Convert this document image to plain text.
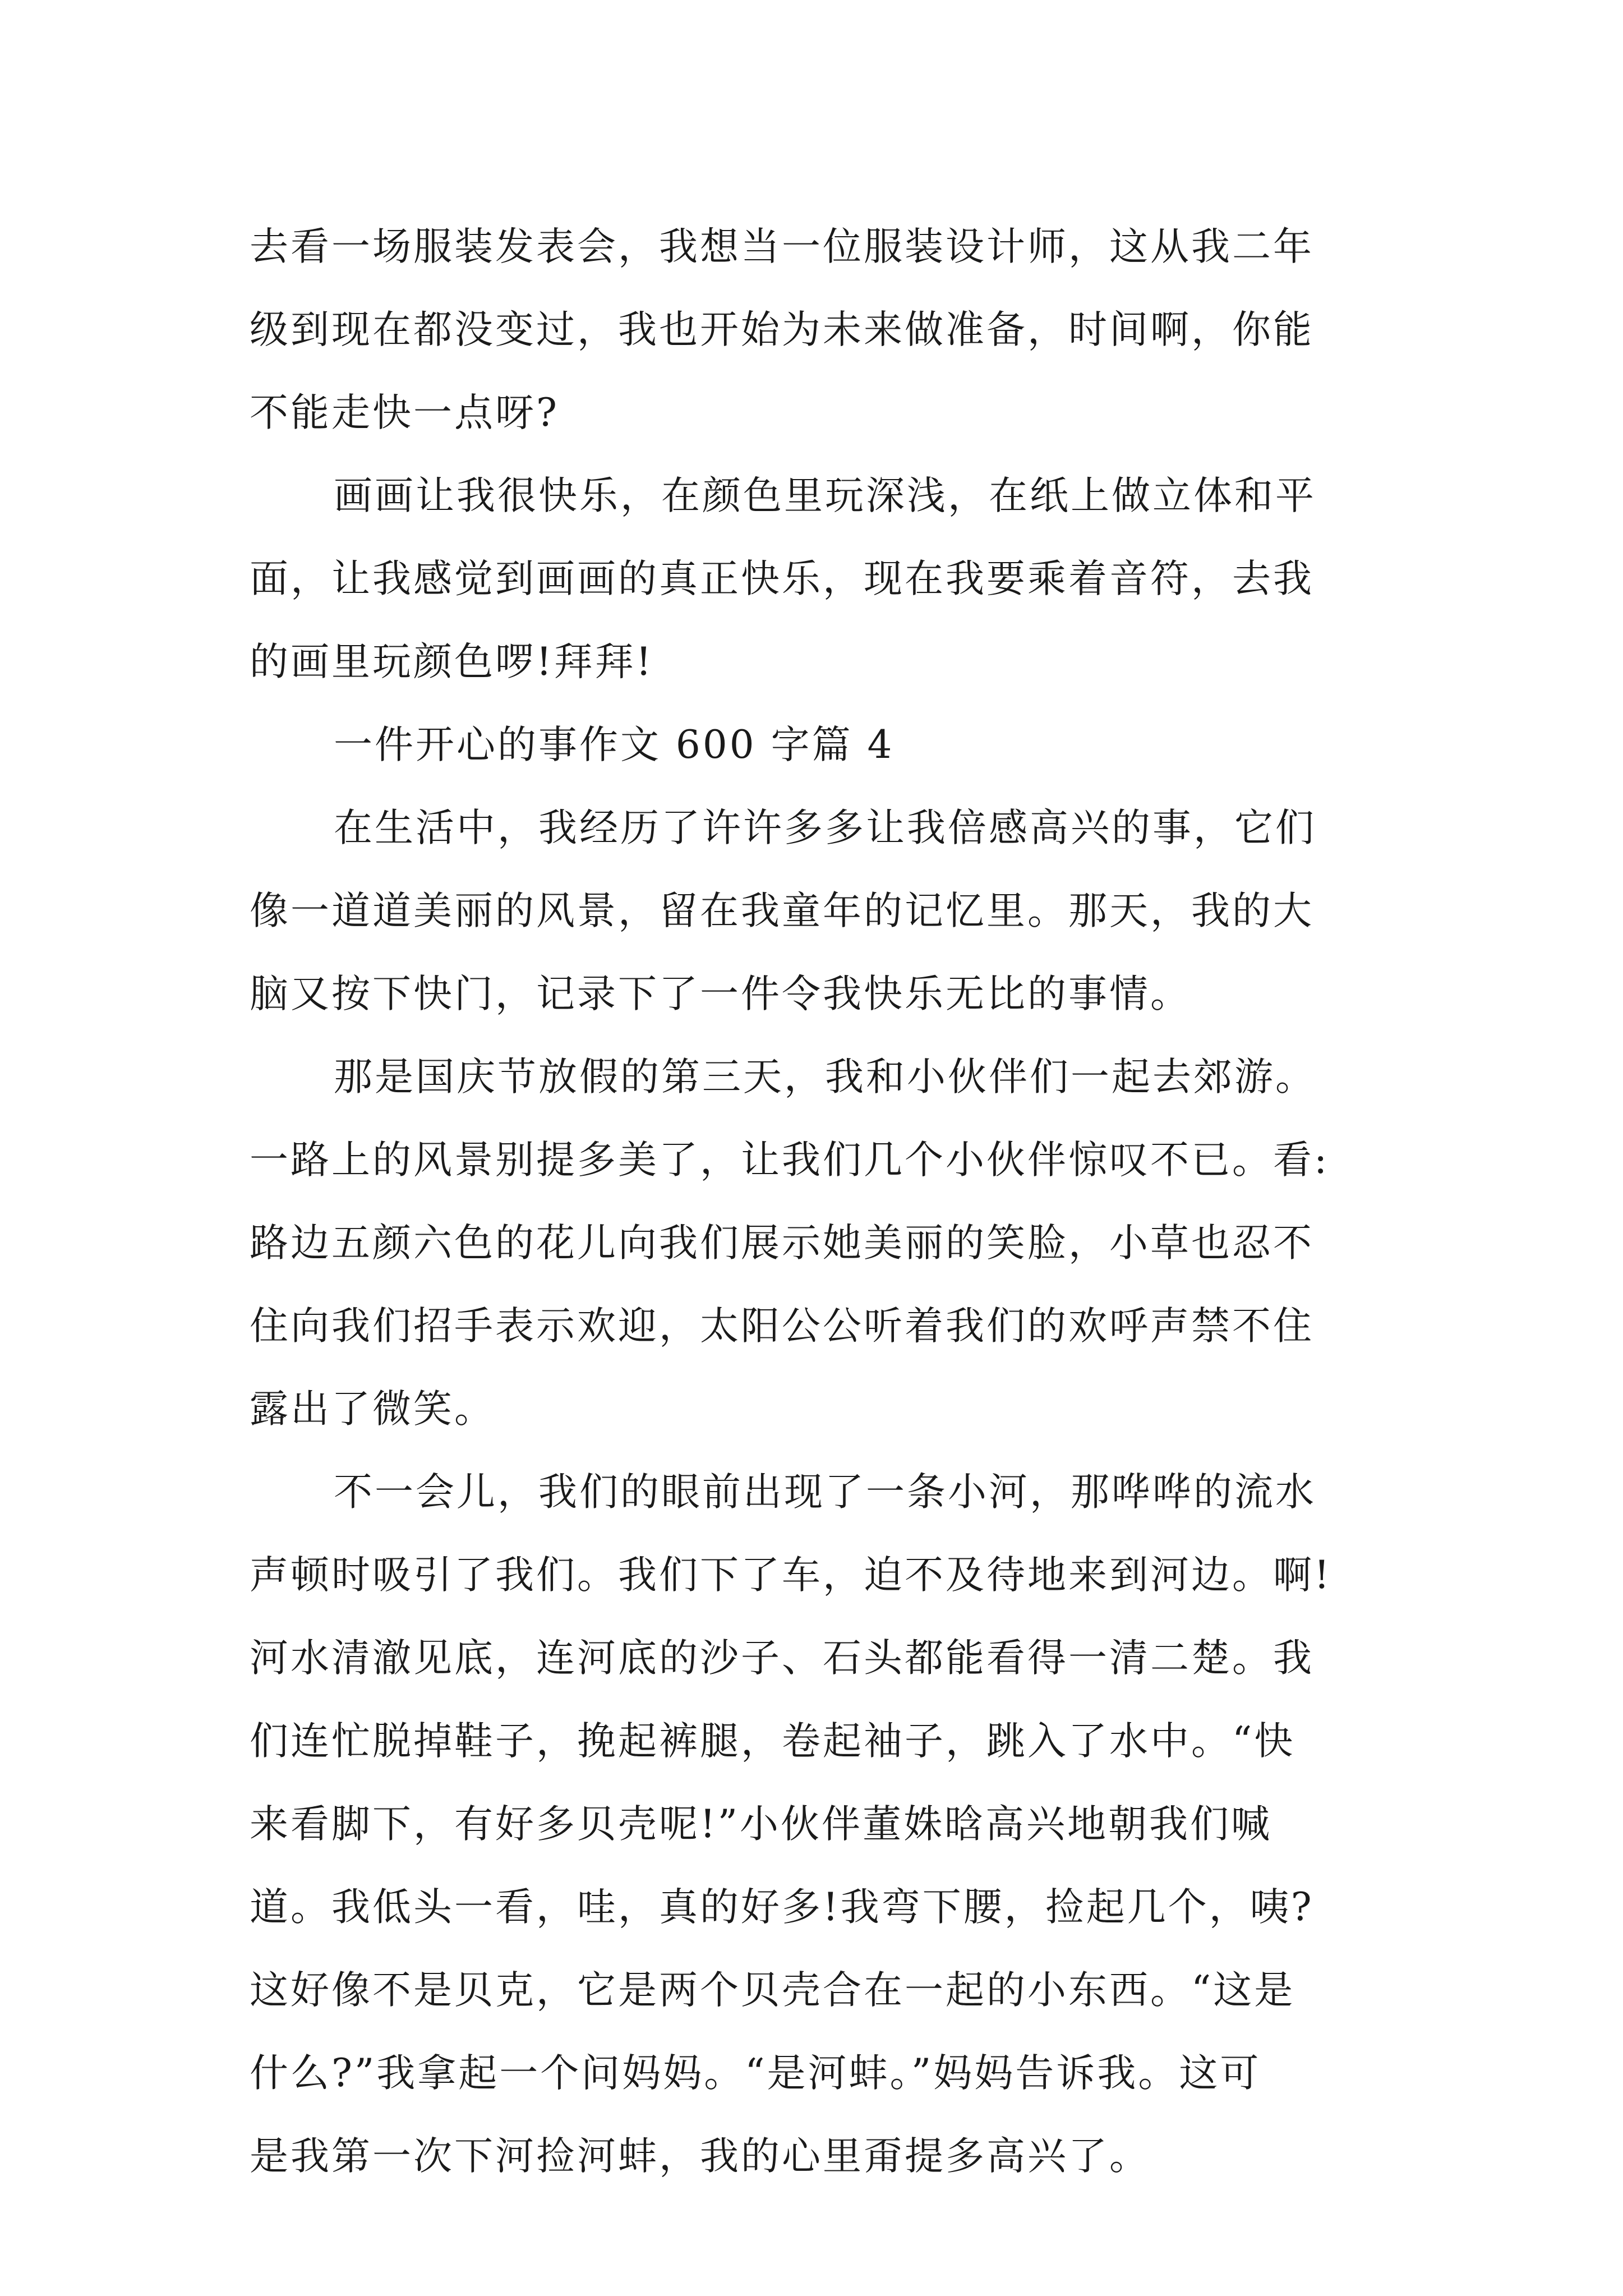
去看一场服装发表会，我想当一位服装设计师，这从我二年
级到现在都没变过，我也开始为未来做准备，时间啊，你能
不能走快一点呀?
画画让我很快乐，在颜色里玩深浅，在纸上做立体和平
面，让我感觉到画画的真正快乐，现在我要乘着音符，去我
的画里玩颜色啰!拜拜!
一件开心的事作文 600 字篇 4
在生活中，我经历了许许多多让我倍感高兴的事，它们
像一道道美丽的风景，留在我童年的记忆里。那天，我的大
脑又按下快门，记录下了一件令我快乐无比的事情。
那是国庆节放假的第三天，我和小伙伴们一起去郊游。
一路上的风景别提多美了，让我们几个小伙伴惊叹不已。看:
路边五颜六色的花儿向我们展示她美丽的笑脸，小草也忍不
住向我们招手表示欢迎，太阳公公听着我们的欢呼声禁不住
露出了微笑。
不一会儿，我们的眼前出现了一条小河，那哗哗的流水
声顿时吸引了我们。我们下了车，迫不及待地来到河边。啊!
河水清澈见底，连河底的沙子、石头都能看得一清二楚。我
们连忙脱掉鞋子，挽起裤腿，卷起袖子，跳入了水中。“快
来看脚下，有好多贝壳呢!”小伙伴董姝晗高兴地朝我们喊
道。我低头一看，哇，真的好多!我弯下腰，捡起几个，咦?
这好像不是贝克，它是两个贝壳合在一起的小东西。“这是
什么?”我拿起一个问妈妈。“是河蚌。”妈妈告诉我。这可
是我第一次下河捡河蚌，我的心里甭提多高兴了。
